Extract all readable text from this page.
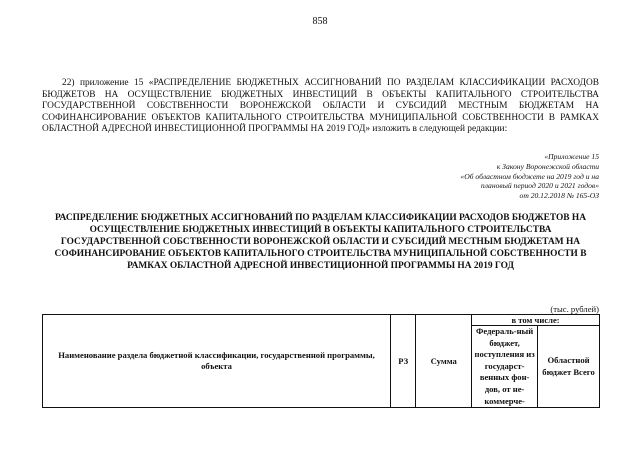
858
22) приложение 15 «РАСПРЕДЕЛЕНИЕ БЮДЖЕТНЫХ АССИГНОВАНИЙ ПО РАЗДЕЛАМ КЛАССИФИКАЦИИ РАСХОДОВ БЮДЖЕТОВ НА ОСУЩЕСТВЛЕНИЕ БЮДЖЕТНЫХ ИНВЕСТИЦИЙ В ОБЪЕКТЫ КАПИТАЛЬНОГО СТРОИТЕЛЬСТВА ГОСУДАРСТВЕННОЙ СОБСТВЕННОСТИ ВОРОНЕЖСКОЙ ОБЛАСТИ И СУБСИДИЙ МЕСТНЫМ БЮДЖЕТАМ НА СОФИНАНСИРОВАНИЕ ОБЪЕКТОВ КАПИТАЛЬНОГО СТРОИТЕЛЬСТВА МУНИЦИПАЛЬНОЙ СОБСТВЕННОСТИ В РАМКАХ ОБЛАСТНОЙ АДРЕСНОЙ ИНВЕСТИЦИОННОЙ ПРОГРАММЫ НА 2019 ГОД» изложить в следующей редакции:
«Приложение 15
к Закону Воронежской области
«Об областном бюджете на 2019 год и на
плановый период 2020 и 2021 годов»
от 20.12.2018 № 165-ОЗ
РАСПРЕДЕЛЕНИЕ БЮДЖЕТНЫХ АССИГНОВАНИЙ ПО РАЗДЕЛАМ КЛАССИФИКАЦИИ РАСХОДОВ БЮДЖЕТОВ НА ОСУЩЕСТВЛЕНИЕ БЮДЖЕТНЫХ ИНВЕСТИЦИЙ В ОБЪЕКТЫ КАПИТАЛЬНОГО СТРОИТЕЛЬСТВА ГОСУДАРСТВЕННОЙ СОБСТВЕННОСТИ ВОРОНЕЖСКОЙ ОБЛАСТИ И СУБСИДИЙ МЕСТНЫМ БЮДЖЕТАМ НА СОФИНАНСИРОВАНИЕ ОБЪЕКТОВ КАПИТАЛЬНОГО СТРОИТЕЛЬСТВА МУНИЦИПАЛЬНОЙ СОБСТВЕННОСТИ В РАМКАХ ОБЛАСТНОЙ АДРЕСНОЙ ИНВЕСТИЦИОННОЙ ПРОГРАММЫ НА 2019 ГОД
(тыс. рублей)
Наименование раздела бюджетной классификации, государственной программы, объекта	РЗ	Сумма	в том числе:	
			Федераль-ный бюджет, поступления из государст-венных фон-дов, от не-коммерче-	Областной бюджет Всего
